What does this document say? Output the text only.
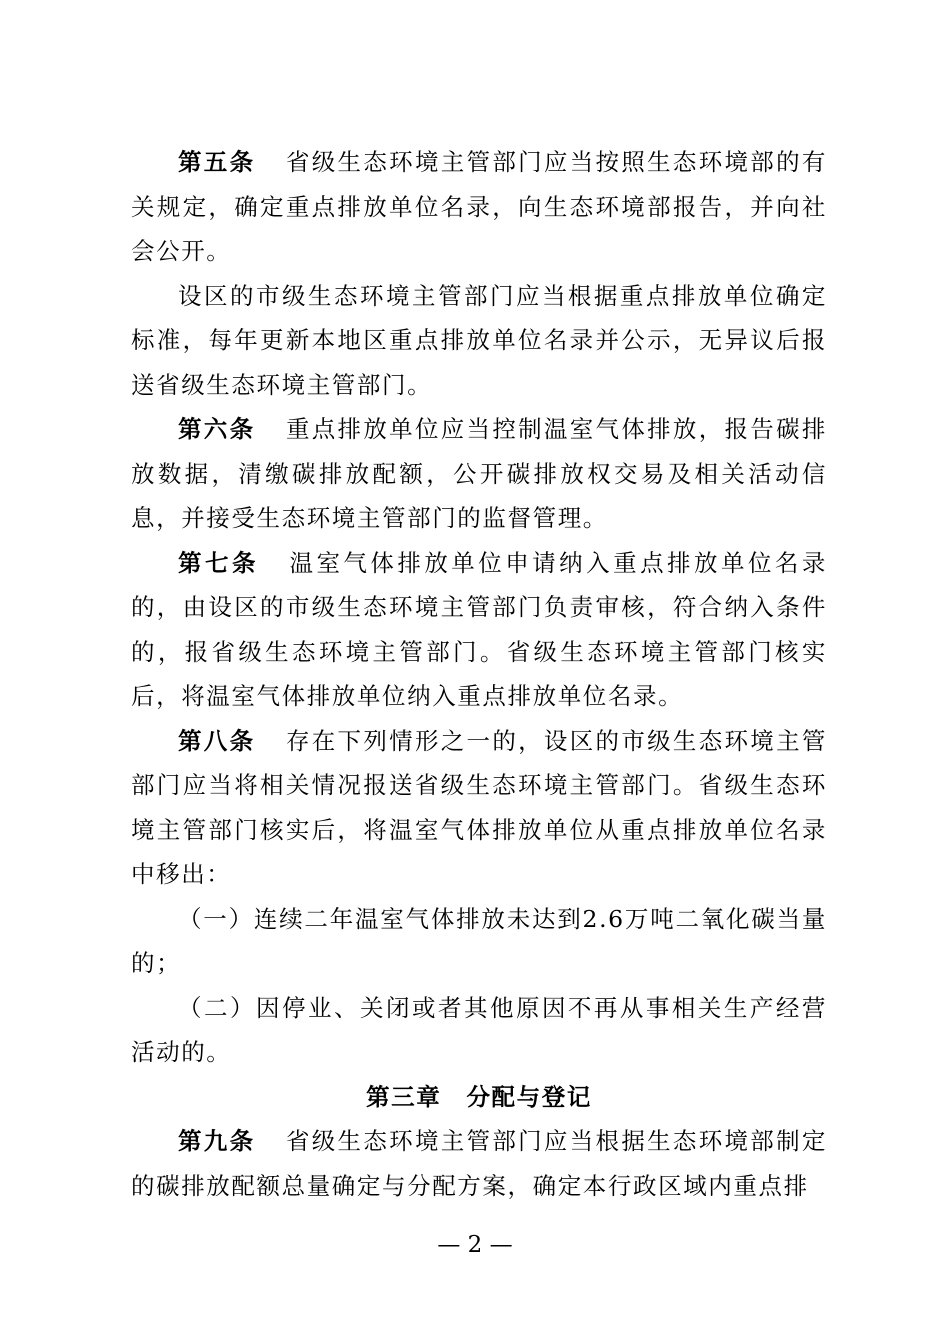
第五条 省级生态环境主管部门应当按照生态环境部的有关规定，确定重点排放单位名录，向生态环境部报告，并向社会公开。

设区的市级生态环境主管部门应当根据重点排放单位确定标准，每年更新本地区重点排放单位名录并公示，无异议后报送省级生态环境主管部门。

第六条 重点排放单位应当控制温室气体排放，报告碳排放数据，清缴碳排放配额，公开碳排放权交易及相关活动信息，并接受生态环境主管部门的监督管理。

第七条 温室气体排放单位申请纳入重点排放单位名录的，由设区的市级生态环境主管部门负责审核，符合纳入条件的，报省级生态环境主管部门。省级生态环境主管部门核实后，将温室气体排放单位纳入重点排放单位名录。

第八条 存在下列情形之一的，设区的市级生态环境主管部门应当将相关情况报送省级生态环境主管部门。省级生态环境主管部门核实后，将温室气体排放单位从重点排放单位名录中移出：

（一）连续二年温室气体排放未达到2.6万吨二氧化碳当量的；

（二）因停业、关闭或者其他原因不再从事相关生产经营活动的。

第三章　分配与登记

第九条 省级生态环境主管部门应当根据生态环境部制定的碳排放配额总量确定与分配方案，确定本行政区域内重点排

— 2 —
